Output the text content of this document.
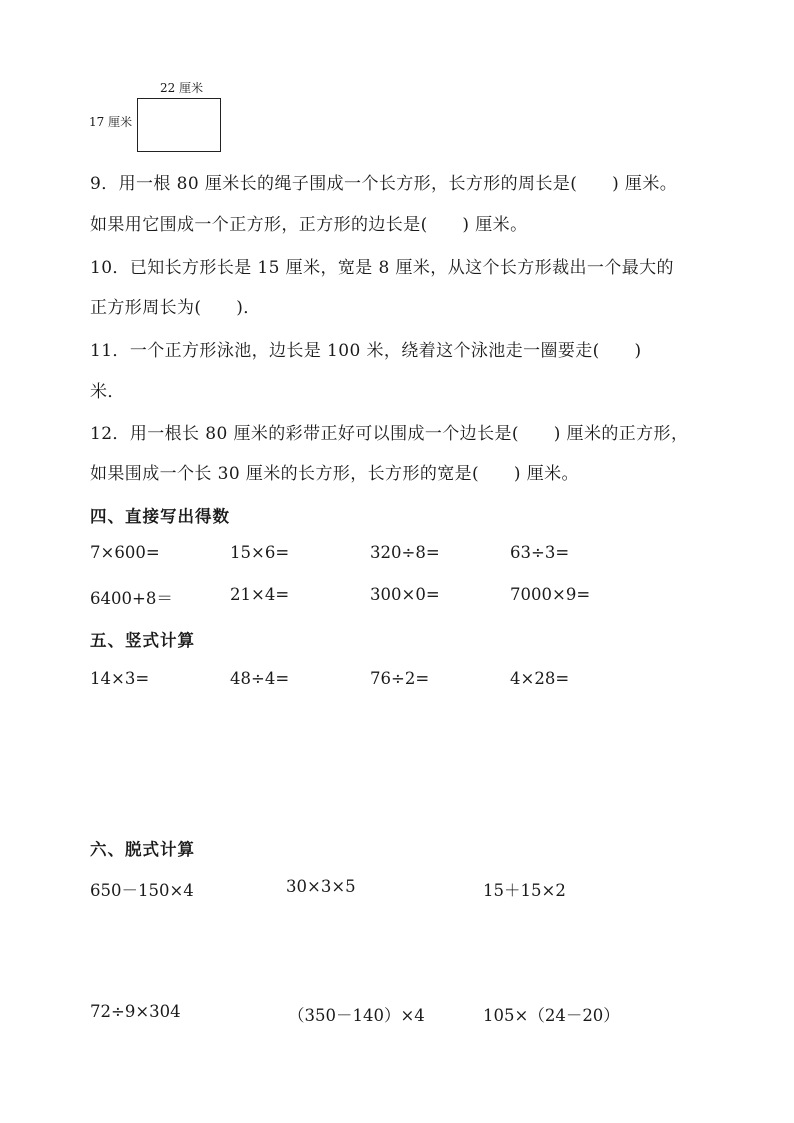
22 厘米
17 厘米
9．用一根 80 厘米长的绳子围成一个长方形，长方形的周长是(　　) 厘米。
如果用它围成一个正方形，正方形的边长是(　　) 厘米。
10．已知长方形长是 15 厘米，宽是 8 厘米，从这个长方形裁出一个最大的
正方形周长为(　　)．
11．一个正方形泳池，边长是 100 米，绕着这个泳池走一圈要走(　　)
米．
12．用一根长 80 厘米的彩带正好可以围成一个边长是(　　) 厘米的正方形，
如果围成一个长 30 厘米的长方形，长方形的宽是(　　) 厘米。
四、直接写出得数
7×600=	15×6=	320÷8=	63÷3=
6400+8＝	21×4=	300×0=	7000×9=
五、竖式计算
14×3=	48÷4=	76÷2=	4×28=
六、脱式计算
650－150×4	30×3×5	15＋15×2
72÷9×304	（350－140）×4	105×（24－20）
